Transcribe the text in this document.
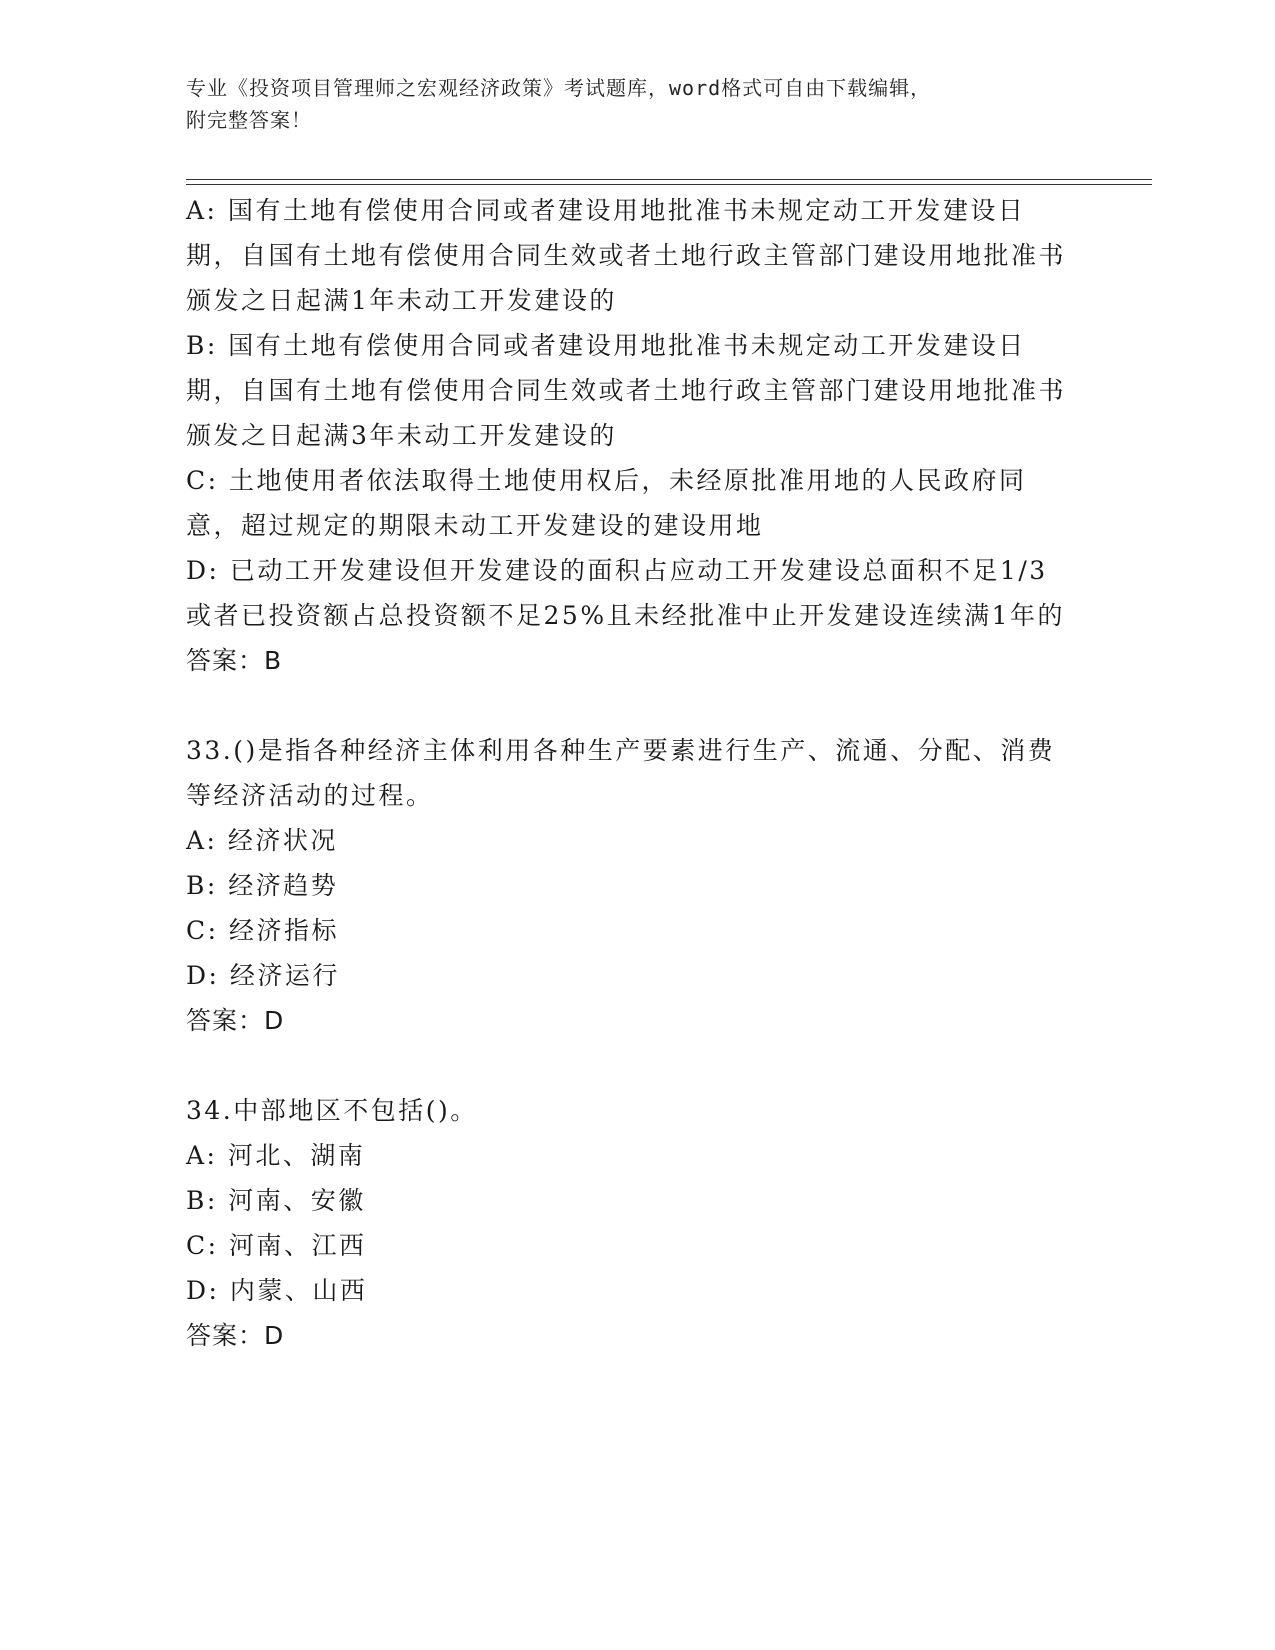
专业《投资项目管理师之宏观经济政策》考试题库，word格式可自由下载编辑，
附完整答案！

A: 国有土地有偿使用合同或者建设用地批准书未规定动工开发建设日期，自国有土地有偿使用合同生效或者土地行政主管部门建设用地批准书颁发之日起满1年未动工开发建设的

B: 国有土地有偿使用合同或者建设用地批准书未规定动工开发建设日期，自国有土地有偿使用合同生效或者土地行政主管部门建设用地批准书颁发之日起满3年未动工开发建设的

C: 土地使用者依法取得土地使用权后，未经原批准用地的人民政府同意，超过规定的期限未动工开发建设的建设用地

D: 已动工开发建设但开发建设的面积占应动工开发建设总面积不足1/3或者已投资额占总投资额不足25%且未经批准中止开发建设连续满1年的

答案：B

33.()是指各种经济主体利用各种生产要素进行生产、流通、分配、消费等经济活动的过程。

A: 经济状况

B: 经济趋势

C: 经济指标

D: 经济运行

答案：D

34.中部地区不包括()。

A: 河北、湖南

B: 河南、安徽

C: 河南、江西

D: 内蒙、山西

答案：D
